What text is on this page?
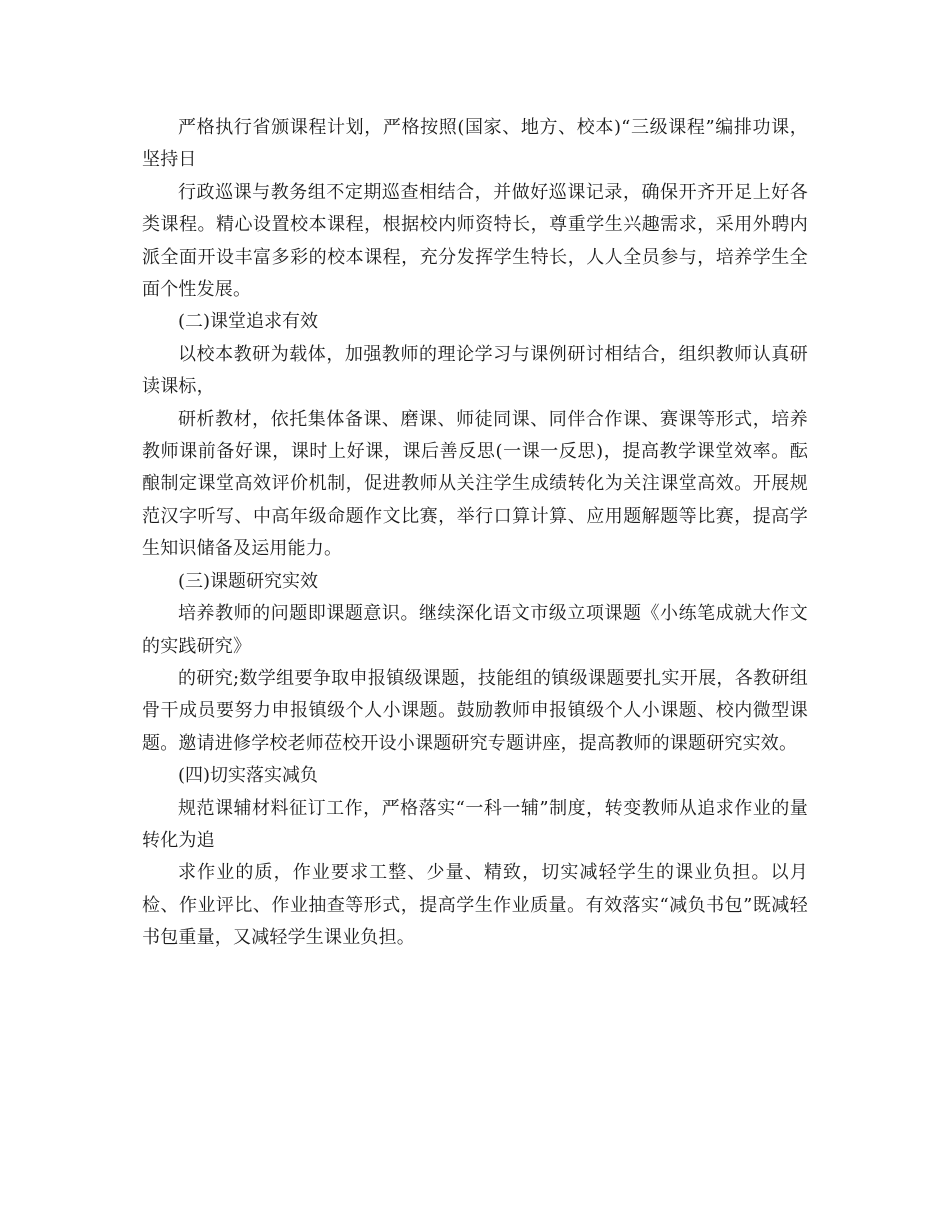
严格执行省颁课程计划，严格按照(国家、地方、校本)“三级课程”编排功课，坚持日

行政巡课与教务组不定期巡查相结合，并做好巡课记录，确保开齐开足上好各类课程。精心设置校本课程，根据校内师资特长，尊重学生兴趣需求，采用外聘内派全面开设丰富多彩的校本课程，充分发挥学生特长，人人全员参与，培养学生全面个性发展。

(二)课堂追求有效

以校本教研为载体，加强教师的理论学习与课例研讨相结合，组织教师认真研读课标，

研析教材，依托集体备课、磨课、师徒同课、同伴合作课、赛课等形式，培养教师课前备好课，课时上好课，课后善反思(一课一反思)，提高教学课堂效率。酝酿制定课堂高效评价机制，促进教师从关注学生成绩转化为关注课堂高效。开展规范汉字听写、中高年级命题作文比赛，举行口算计算、应用题解题等比赛，提高学生知识储备及运用能力。

(三)课题研究实效

培养教师的问题即课题意识。继续深化语文市级立项课题《小练笔成就大作文的实践研究》

的研究;数学组要争取申报镇级课题，技能组的镇级课题要扎实开展，各教研组骨干成员要努力申报镇级个人小课题。鼓励教师申报镇级个人小课题、校内微型课题。邀请进修学校老师莅校开设小课题研究专题讲座，提高教师的课题研究实效。

(四)切实落实减负

规范课辅材料征订工作，严格落实“一科一辅”制度，转变教师从追求作业的量转化为追

求作业的质，作业要求工整、少量、精致，切实减轻学生的课业负担。以月检、作业评比、作业抽查等形式，提高学生作业质量。有效落实“减负书包”既减轻书包重量，又减轻学生课业负担。
